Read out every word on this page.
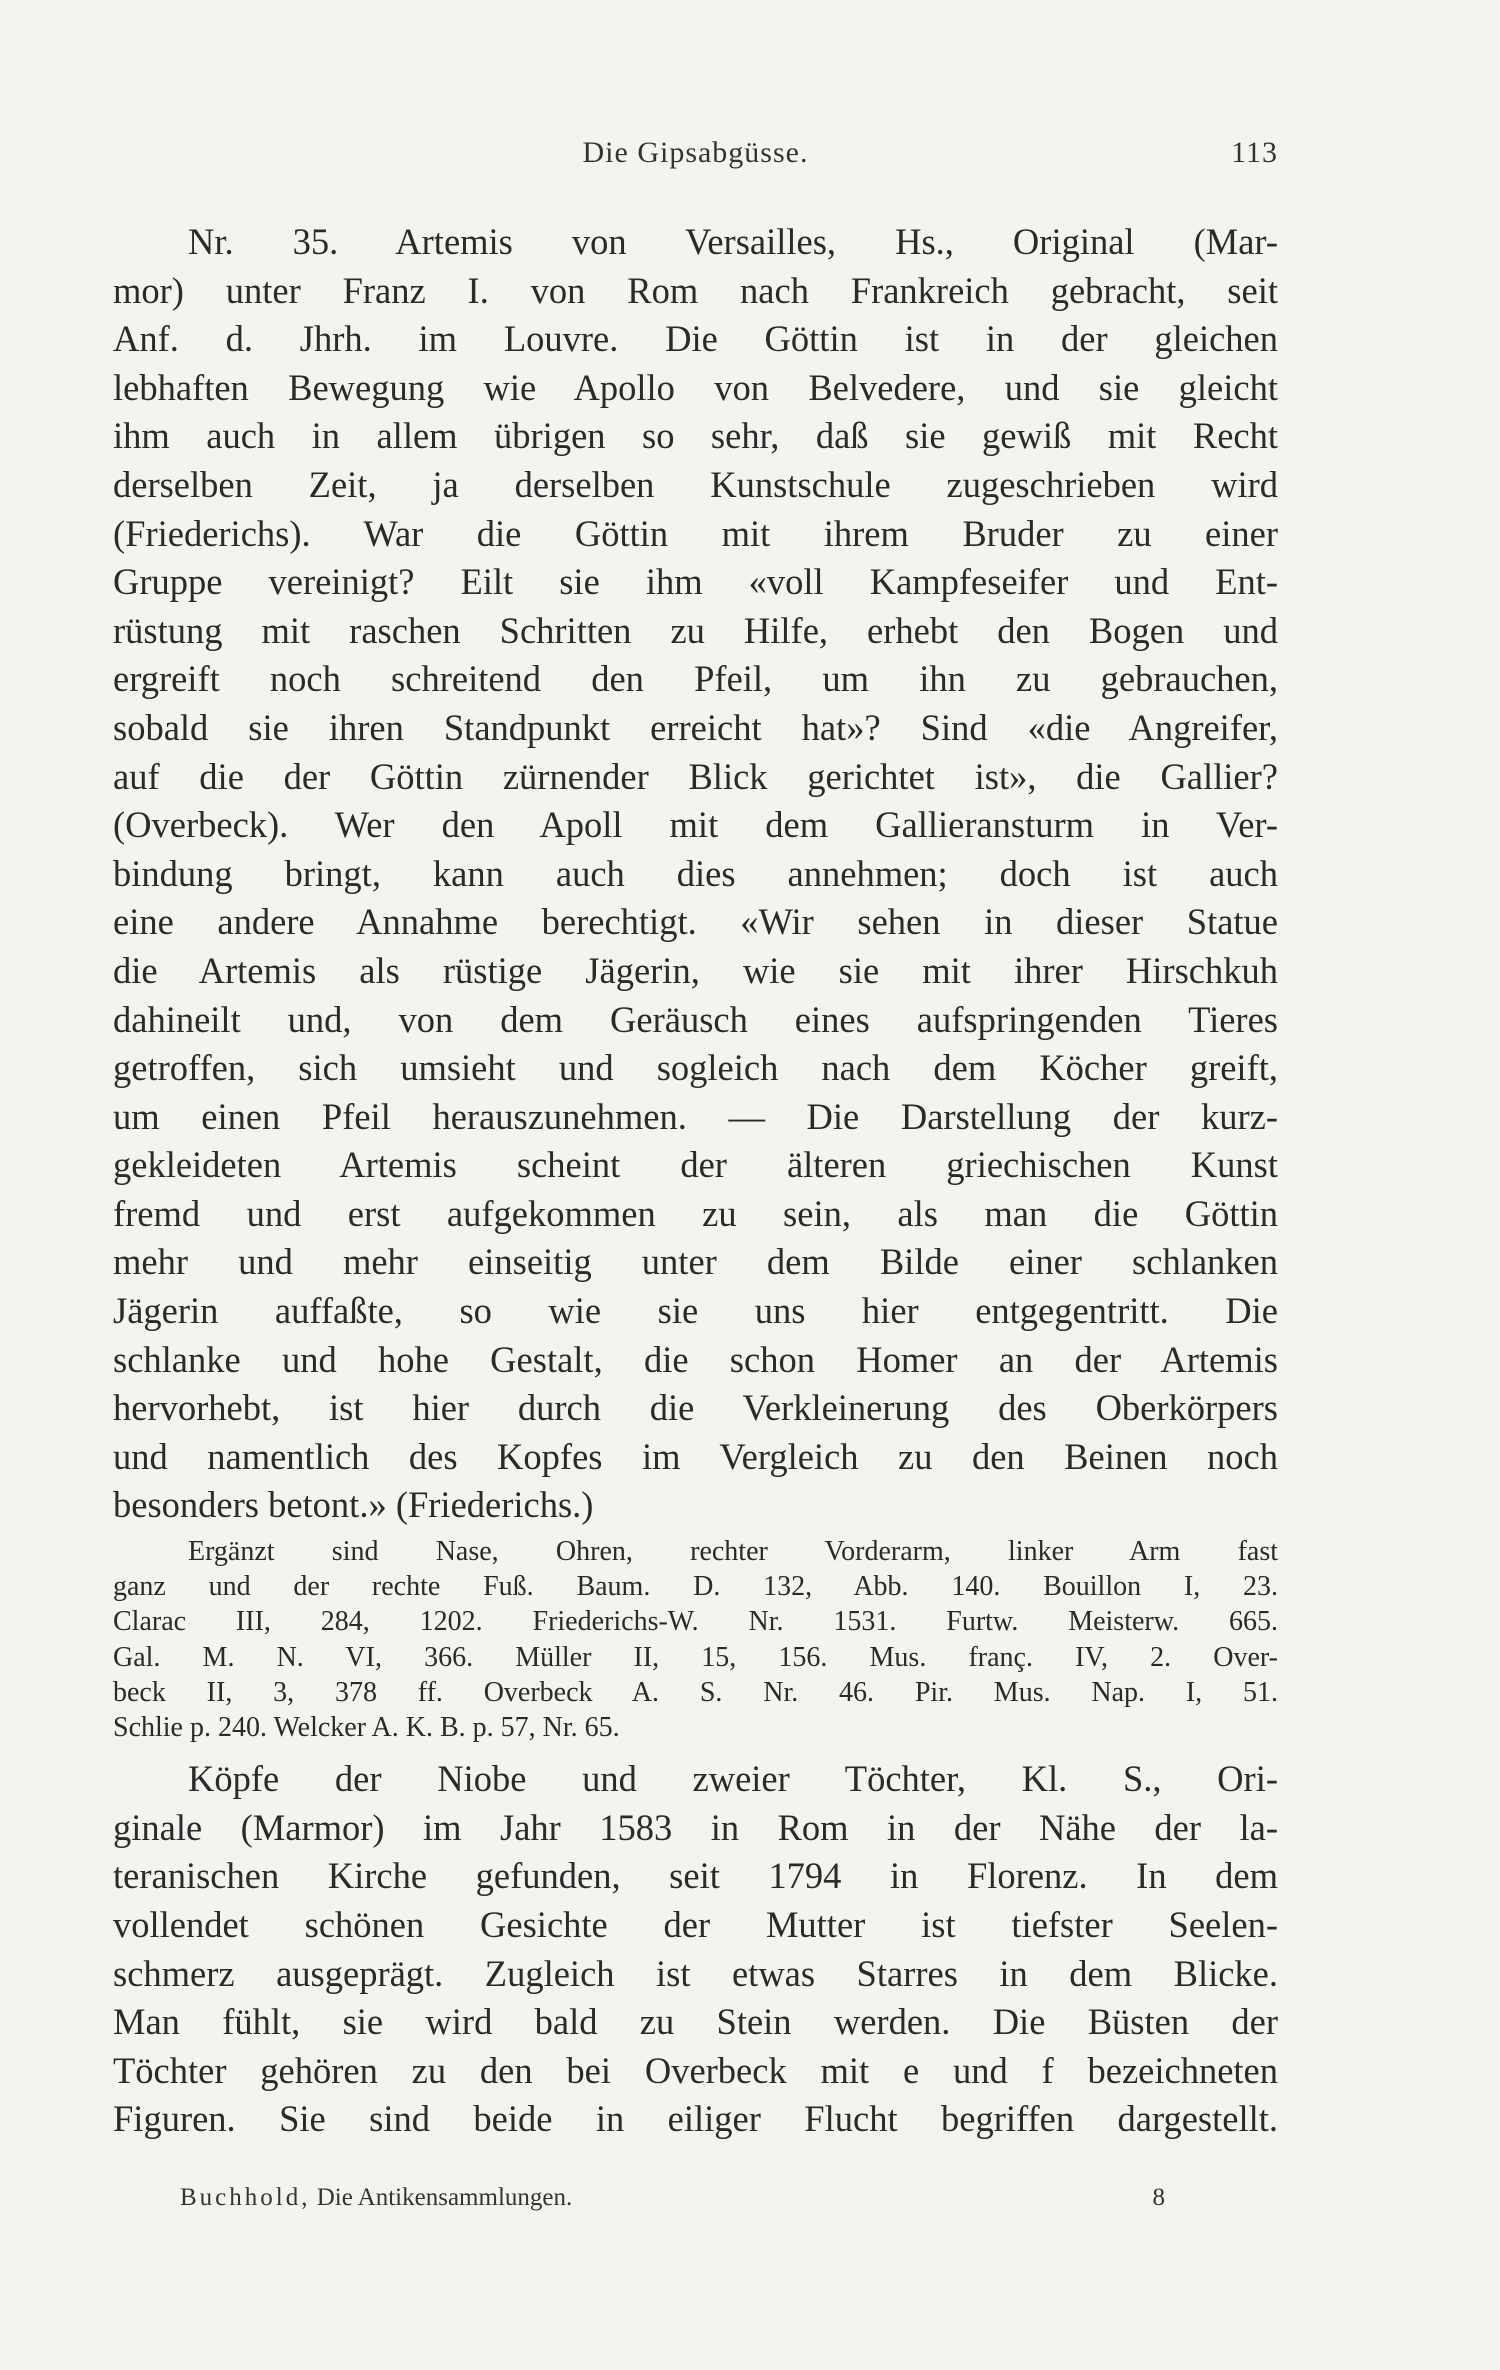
Die Gipsabgüsse.	113
Nr. 35. Artemis von Versailles, Hs., Original (Mar-
mor) unter Franz I. von Rom nach Frankreich gebracht, seit
Anf. d. Jhrh. im Louvre. Die Göttin ist in der gleichen
lebhaften Bewegung wie Apollo von Belvedere, und sie gleicht
ihm auch in allem übrigen so sehr, daß sie gewiß mit Recht
derselben Zeit, ja derselben Kunstschule zugeschrieben wird
(Friederichs). War die Göttin mit ihrem Bruder zu einer
Gruppe vereinigt? Eilt sie ihm «voll Kampfeseifer und Ent-
rüstung mit raschen Schritten zu Hilfe, erhebt den Bogen und
ergreift noch schreitend den Pfeil, um ihn zu gebrauchen,
sobald sie ihren Standpunkt erreicht hat»? Sind «die Angreifer,
auf die der Göttin zürnender Blick gerichtet ist», die Gallier?
(Overbeck). Wer den Apoll mit dem Gallieransturm in Ver-
bindung bringt, kann auch dies annehmen; doch ist auch
eine andere Annahme berechtigt. «Wir sehen in dieser Statue
die Artemis als rüstige Jägerin, wie sie mit ihrer Hirschkuh
dahineilt und, von dem Geräusch eines aufspringenden Tieres
getroffen, sich umsieht und sogleich nach dem Köcher greift,
um einen Pfeil herauszunehmen. — Die Darstellung der kurz-
gekleideten Artemis scheint der älteren griechischen Kunst
fremd und erst aufgekommen zu sein, als man die Göttin
mehr und mehr einseitig unter dem Bilde einer schlanken
Jägerin auffaßte, so wie sie uns hier entgegentritt. Die
schlanke und hohe Gestalt, die schon Homer an der Artemis
hervorhebt, ist hier durch die Verkleinerung des Oberkörpers
und namentlich des Kopfes im Vergleich zu den Beinen noch
besonders betont.» (Friederichs.)
Ergänzt sind Nase, Ohren, rechter Vorderarm, linker Arm fast
ganz und der rechte Fuß. Baum. D. 132, Abb. 140. Bouillon I, 23.
Clarac III, 284, 1202. Friederichs-W. Nr. 1531. Furtw. Meisterw. 665.
Gal. M. N. VI, 366. Müller II, 15, 156. Mus. franç. IV, 2. Over-
beck II, 3, 378 ff. Overbeck A. S. Nr. 46. Pir. Mus. Nap. I, 51.
Schlie p. 240. Welcker A. K. B. p. 57, Nr. 65.
Köpfe der Niobe und zweier Töchter, Kl. S., Ori-
ginale (Marmor) im Jahr 1583 in Rom in der Nähe der la-
teranischen Kirche gefunden, seit 1794 in Florenz. In dem
vollendet schönen Gesichte der Mutter ist tiefster Seelen-
schmerz ausgeprägt. Zugleich ist etwas Starres in dem Blicke.
Man fühlt, sie wird bald zu Stein werden. Die Büsten der
Töchter gehören zu den bei Overbeck mit e und f bezeichneten
Figuren. Sie sind beide in eiliger Flucht begriffen dargestellt.
Buchhold, Die Antikensammlungen.	8
